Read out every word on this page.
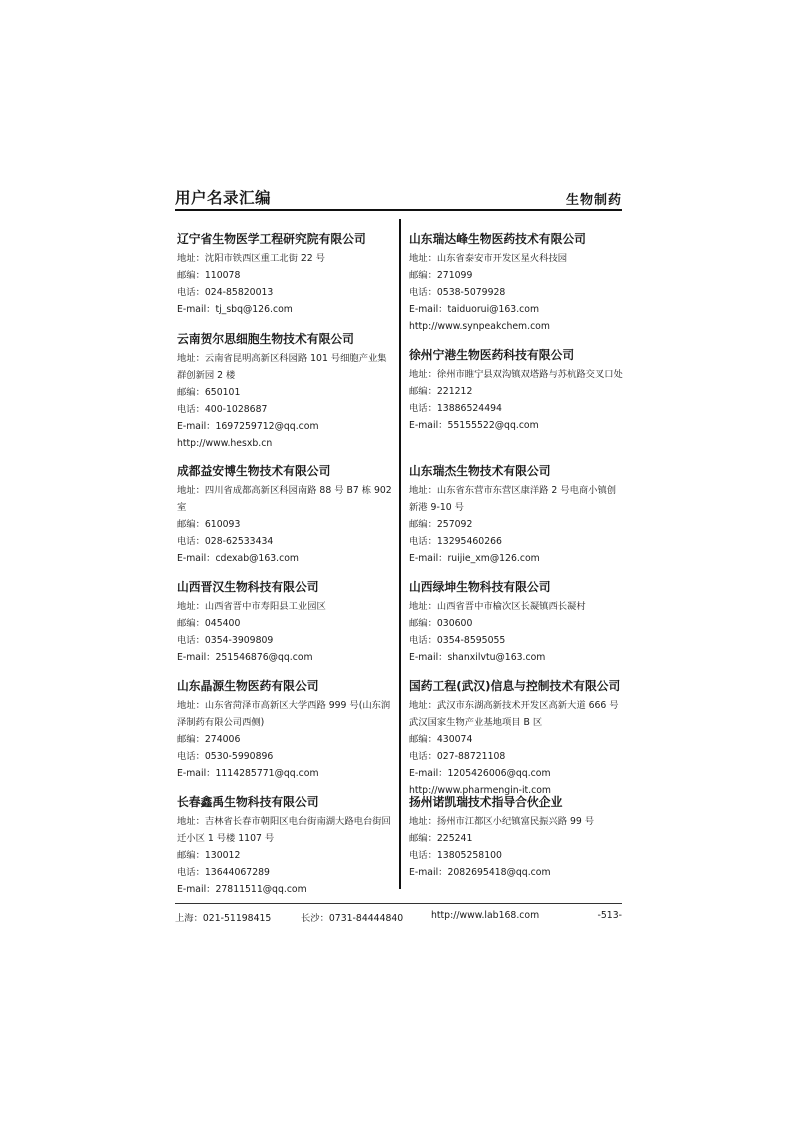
用户名录汇编	生物制药
辽宁省生物医学工程研究院有限公司
地址：沈阳市铁西区重工北街 22 号
邮编：110078
电话：024-85820013
E-mail：tj_sbq@126.com
云南贺尔思细胞生物技术有限公司
地址：云南省昆明高新区科园路 101 号细胞产业集群创新园 2 楼
邮编：650101
电话：400-1028687
E-mail：1697259712@qq.com
http://www.hesxb.cn
成都益安博生物技术有限公司
地址：四川省成都高新区科园南路 88 号 B7 栋 902 室
邮编：610093
电话：028-62533434
E-mail：cdexab@163.com
山西晋汉生物科技有限公司
地址：山西省晋中市寿阳县工业园区
邮编：045400
电话：0354-3909809
E-mail：251546876@qq.com
山东晶源生物医药有限公司
地址：山东省菏泽市高新区大学西路 999 号(山东润泽制药有限公司西侧)
邮编：274006
电话：0530-5990896
E-mail：1114285771@qq.com
长春鑫禹生物科技有限公司
地址：吉林省长春市朝阳区电台街南湖大路电台街回迁小区 1 号楼 1107 号
邮编：130012
电话：13644067289
E-mail：27811511@qq.com
山东瑞达峰生物医药技术有限公司
地址：山东省泰安市开发区星火科技园
邮编：271099
电话：0538-5079928
E-mail：taiduorui@163.com
http://www.synpeakchem.com
徐州宁港生物医药科技有限公司
地址：徐州市睢宁县双沟镇双塔路与苏杭路交叉口处
邮编：221212
电话：13886524494
E-mail：55155522@qq.com
山东瑞杰生物技术有限公司
地址：山东省东营市东营区康洋路 2 号电商小镇创新港 9-10 号
邮编：257092
电话：13295460266
E-mail：ruijie_xm@126.com
山西绿坤生物科技有限公司
地址：山西省晋中市榆次区长凝镇西长凝村
邮编：030600
电话：0354-8595055
E-mail：shanxilvtu@163.com
国药工程(武汉)信息与控制技术有限公司
地址：武汉市东湖高新技术开发区高新大道 666 号武汉国家生物产业基地项目 B 区
邮编：430074
电话：027-88721108
E-mail：1205426006@qq.com
http://www.pharmengin-it.com
扬州诺凯瑞技术指导合伙企业
地址：扬州市江都区小纪镇富民振兴路 99 号
邮编：225241
电话：13805258100
E-mail：2082695418@qq.com
上海：021-51198415	长沙：0731-84444840	http://www.lab168.com	-513-
